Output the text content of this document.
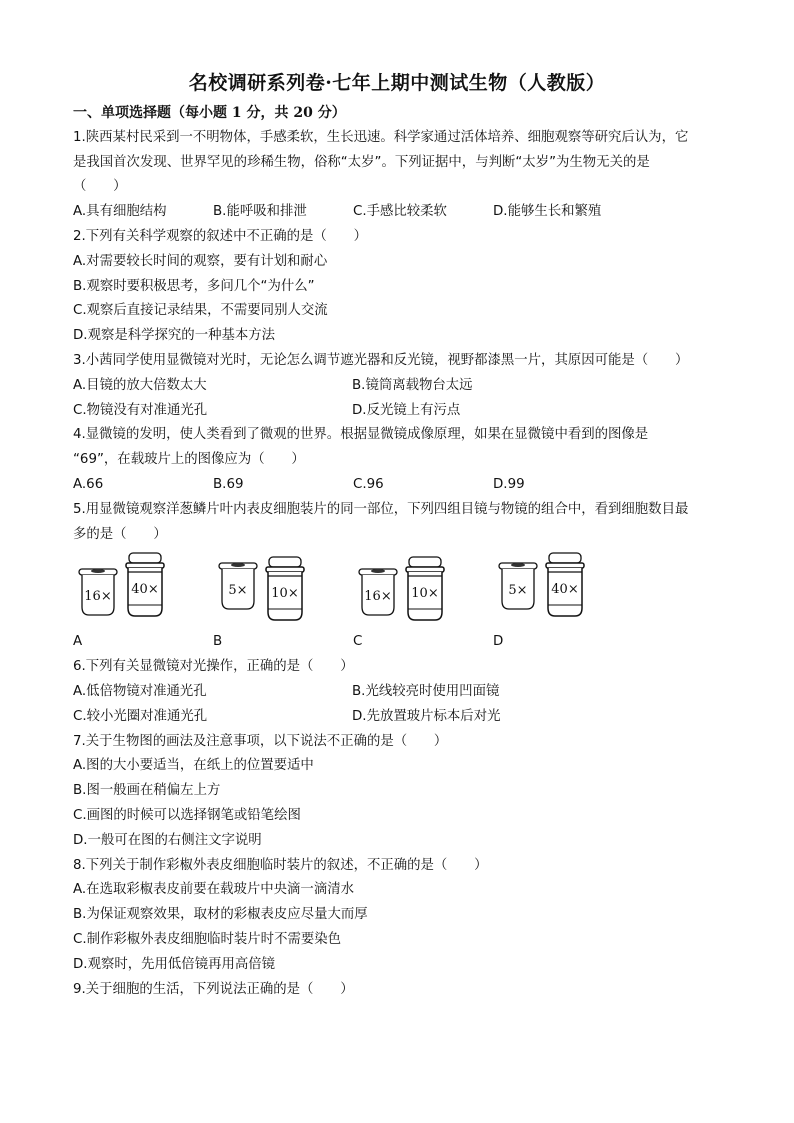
名校调研系列卷·七年上期中测试生物（人教版）
一、单项选择题（每小题 1 分，共 20 分）
1.陕西某村民采到一不明物体，手感柔软，生长迅速。科学家通过活体培养、细胞观察等研究后认为，它
是我国首次发现、世界罕见的珍稀生物，俗称“太岁”。下列证据中，与判断“太岁”为生物无关的是
（　　）
A.具有细胞结构	B.能呼吸和排泄	C.手感比较柔软	D.能够生长和繁殖
2.下列有关科学观察的叙述中不正确的是（　　）
A.对需要较长时间的观察，要有计划和耐心
B.观察时要积极思考，多问几个“为什么”
C.观察后直接记录结果，不需要同别人交流
D.观察是科学探究的一种基本方法
3.小茜同学使用显微镜对光时，无论怎么调节遮光器和反光镜，视野都漆黑一片，其原因可能是（　　）
A.目镜的放大倍数太大	B.镜筒离载物台太远
C.物镜没有对准通光孔	D.反光镜上有污点
4.显微镜的发明，使人类看到了微观的世界。根据显微镜成像原理，如果在显微镜中看到的图像是
“69”，在载玻片上的图像应为（　　）
A.66	B.69	C.96	D.99
5.用显微镜观察洋葱鳞片叶内表皮细胞装片的同一部位，下列四组目镜与物镜的组合中，看到细胞数目最
多的是（　　）
16× 40×	5× 10×	16× 10×	5× 40×
A	B	C	D
6.下列有关显微镜对光操作，正确的是（　　）
A.低倍物镜对准通光孔	B.光线较亮时使用凹面镜
C.较小光圈对准通光孔	D.先放置玻片标本后对光
7.关于生物图的画法及注意事项，以下说法不正确的是（　　）
A.图的大小要适当，在纸上的位置要适中
B.图一般画在稍偏左上方
C.画图的时候可以选择钢笔或铅笔绘图
D.一般可在图的右侧注文字说明
8.下列关于制作彩椒外表皮细胞临时装片的叙述，不正确的是（　　）
A.在选取彩椒表皮前要在载玻片中央滴一滴清水
B.为保证观察效果，取材的彩椒表皮应尽量大而厚
C.制作彩椒外表皮细胞临时装片时不需要染色
D.观察时，先用低倍镜再用高倍镜
9.关于细胞的生活，下列说法正确的是（　　）
